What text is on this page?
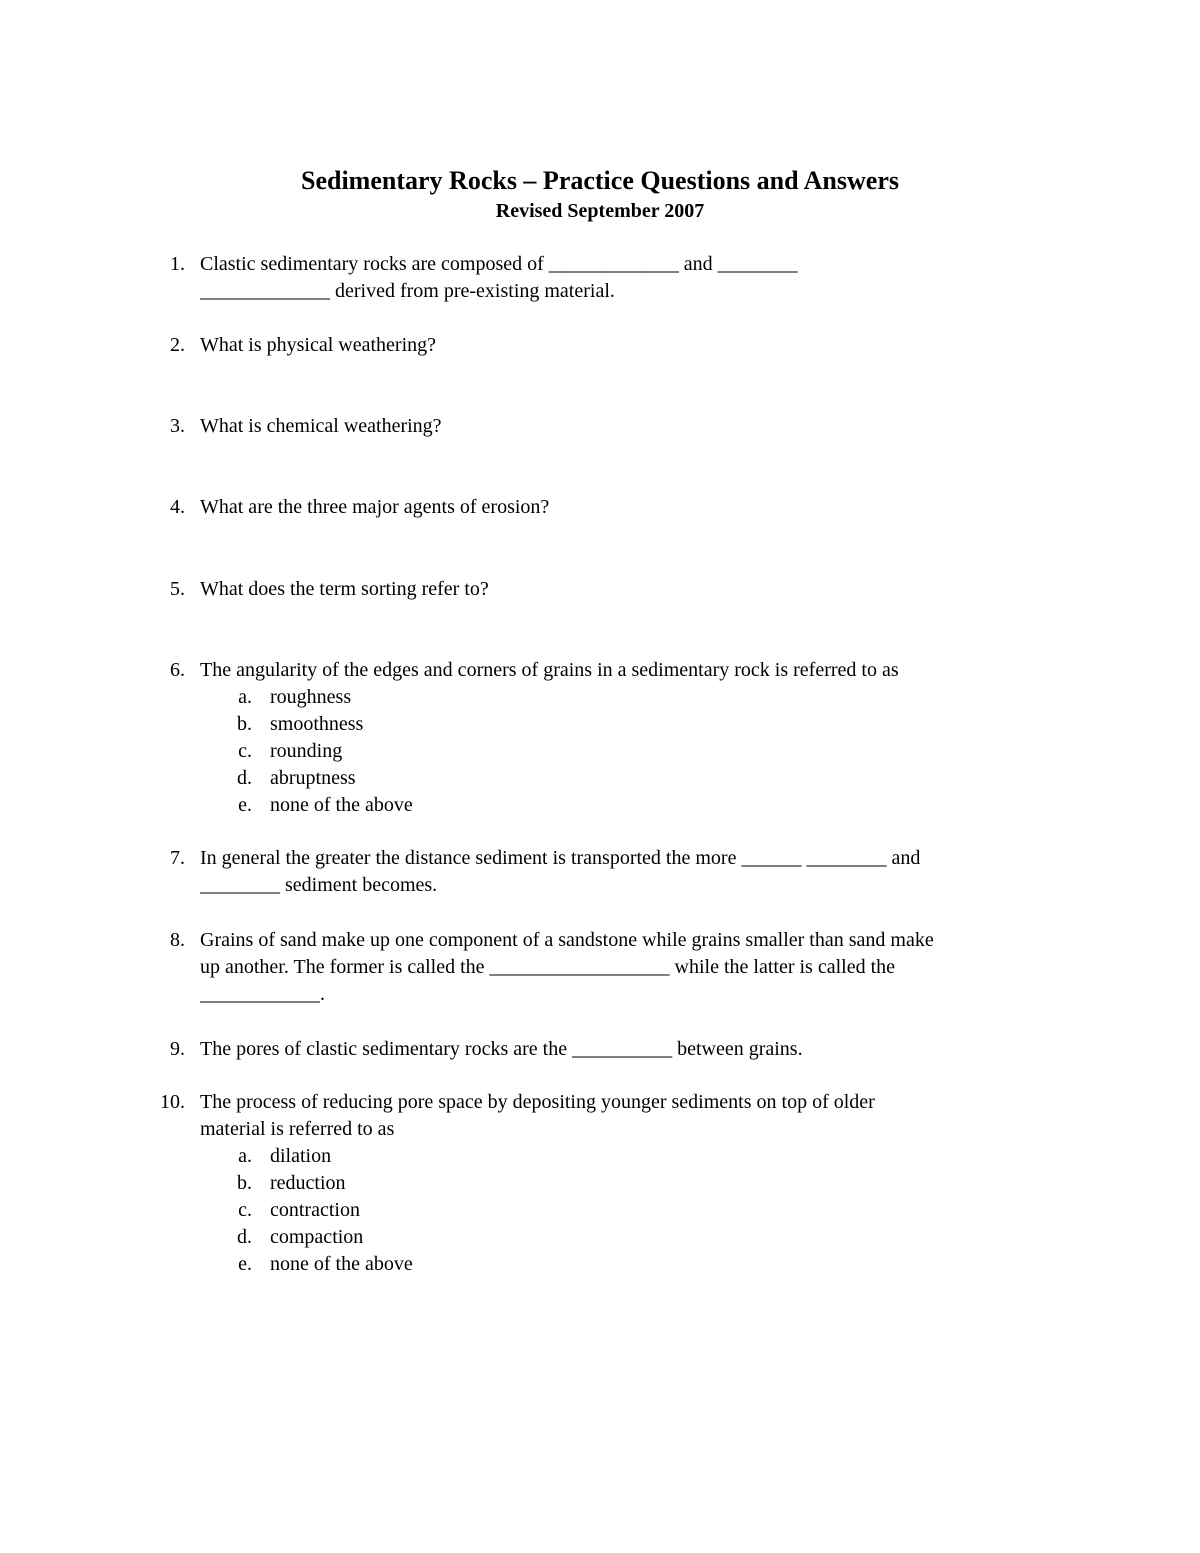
Sedimentary Rocks – Practice Questions and Answers
Revised September 2007
1. Clastic sedimentary rocks are composed of _____________ and ________
_____________ derived from pre-existing material.
2. What is physical weathering?
3. What is chemical weathering?
4. What are the three major agents of erosion?
5. What does the term sorting refer to?
6. The angularity of the edges and corners of grains in a sedimentary rock is referred to as
a. roughness
b. smoothness
c. rounding
d. abruptness
e. none of the above
7. In general the greater the distance sediment is transported the more ______ ________ and
________ sediment becomes.
8. Grains of sand make up one component of a sandstone while grains smaller than sand make
up another. The former is called the __________________ while the latter is called the
____________.
9. The pores of clastic sedimentary rocks are the __________ between grains.
10. The process of reducing pore space by depositing younger sediments on top of older
material is referred to as
a. dilation
b. reduction
c. contraction
d. compaction
e. none of the above
